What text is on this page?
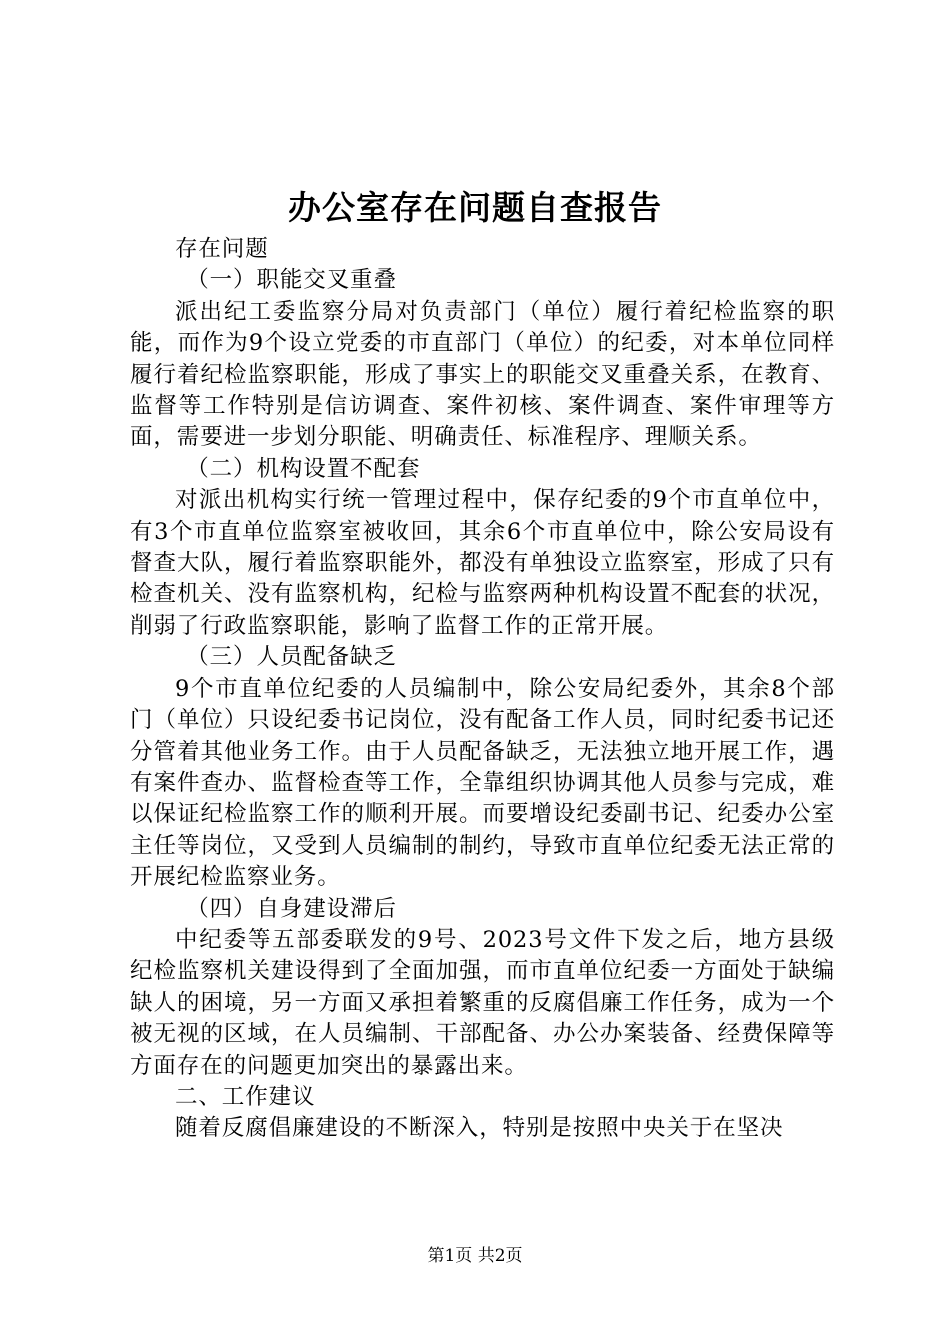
办公室存在问题自查报告

存在问题

（一）职能交叉重叠

派出纪工委监察分局对负责部门（单位）履行着纪检监察的职能，而作为9个设立党委的市直部门（单位）的纪委，对本单位同样履行着纪检监察职能，形成了事实上的职能交叉重叠关系，在教育、监督等工作特别是信访调查、案件初核、案件调查、案件审理等方面，需要进一步划分职能、明确责任、标准程序、理顺关系。

（二）机构设置不配套

对派出机构实行统一管理过程中，保存纪委的9个市直单位中，有3个市直单位监察室被收回，其余6个市直单位中，除公安局设有督查大队，履行着监察职能外，都没有单独设立监察室，形成了只有检查机关、没有监察机构，纪检与监察两种机构设置不配套的状况，削弱了行政监察职能，影响了监督工作的正常开展。

（三）人员配备缺乏

9个市直单位纪委的人员编制中，除公安局纪委外，其余8个部门（单位）只设纪委书记岗位，没有配备工作人员，同时纪委书记还分管着其他业务工作。由于人员配备缺乏，无法独立地开展工作，遇有案件查办、监督检查等工作，全靠组织协调其他人员参与完成，难以保证纪检监察工作的顺利开展。而要增设纪委副书记、纪委办公室主任等岗位，又受到人员编制的制约，导致市直单位纪委无法正常的开展纪检监察业务。

（四）自身建设滞后

中纪委等五部委联发的9号、2023号文件下发之后，地方县级纪检监察机关建设得到了全面加强，而市直单位纪委一方面处于缺编缺人的困境，另一方面又承担着繁重的反腐倡廉工作任务，成为一个被无视的区域，在人员编制、干部配备、办公办案装备、经费保障等方面存在的问题更加突出的暴露出来。

二、工作建议

随着反腐倡廉建设的不断深入，特别是按照中央关于在坚决

第1页 共2页
